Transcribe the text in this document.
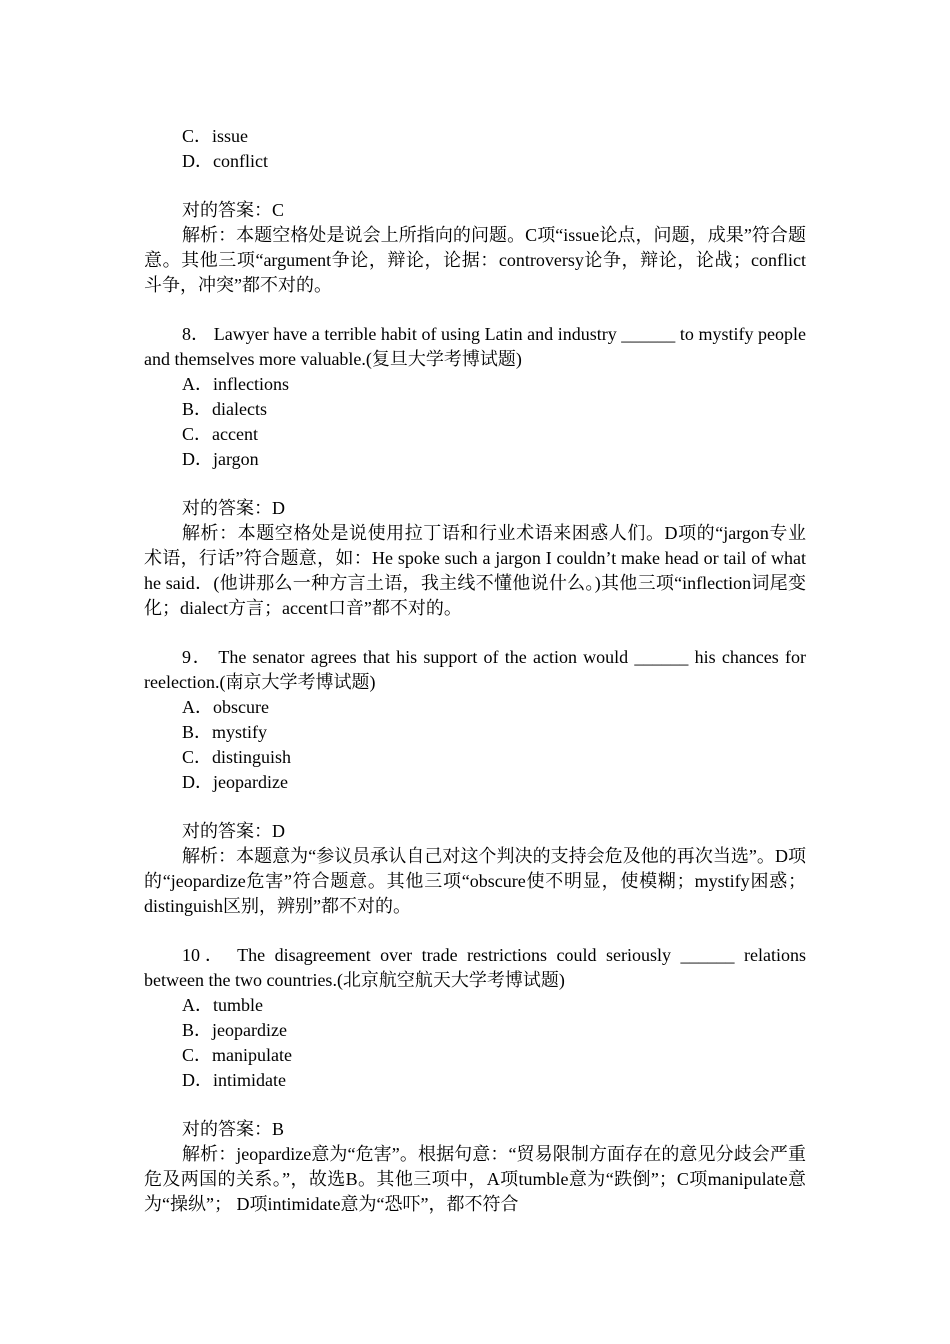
C．issue

D．conflict

对的答案：C

解析：本题空格处是说会上所指向的问题。C项“issue论点，问题，成果”符合题意。其他三项“argument争论，辩论，论据：controversy论争，辩论，论战；conflict斗争，冲突”都不对的。

8． Lawyer have a terrible habit of using Latin and industry ______ to mystify people and themselves more valuable.(复旦大学考博试题)

A．inflections

B．dialects

C．accent

D．jargon

对的答案：D

解析：本题空格处是说使用拉丁语和行业术语来困惑人们。D项的“jargon专业术语，行话”符合题意，如：He spoke such a jargon I couldn’t make head or tail of what he said．(他讲那么一种方言土语，我主线不懂他说什么。)其他三项“inflection词尾变化；dialect方言；accent口音”都不对的。

9． The senator agrees that his support of the action would ______ his chances for reelection.(南京大学考博试题)

A．obscure

B．mystify

C．distinguish

D．jeopardize

对的答案：D

解析：本题意为“参议员承认自己对这个判决的支持会危及他的再次当选”。D项的“jeopardize危害”符合题意。其他三项“obscure使不明显，使模糊；mystify困惑；distinguish区别，辨别”都不对的。

10． The disagreement over trade restrictions could seriously ______ relations between the two countries.(北京航空航天大学考博试题)

A．tumble

B．jeopardize

C．manipulate

D．intimidate

对的答案：B

解析：jeopardize意为“危害”。根据句意：“贸易限制方面存在的意见分歧会严重危及两国的关系。”，故选B。其他三项中，A项tumble意为“跌倒”；C项manipulate意为“操纵”； D项intimidate意为“恐吓”，都不符合
